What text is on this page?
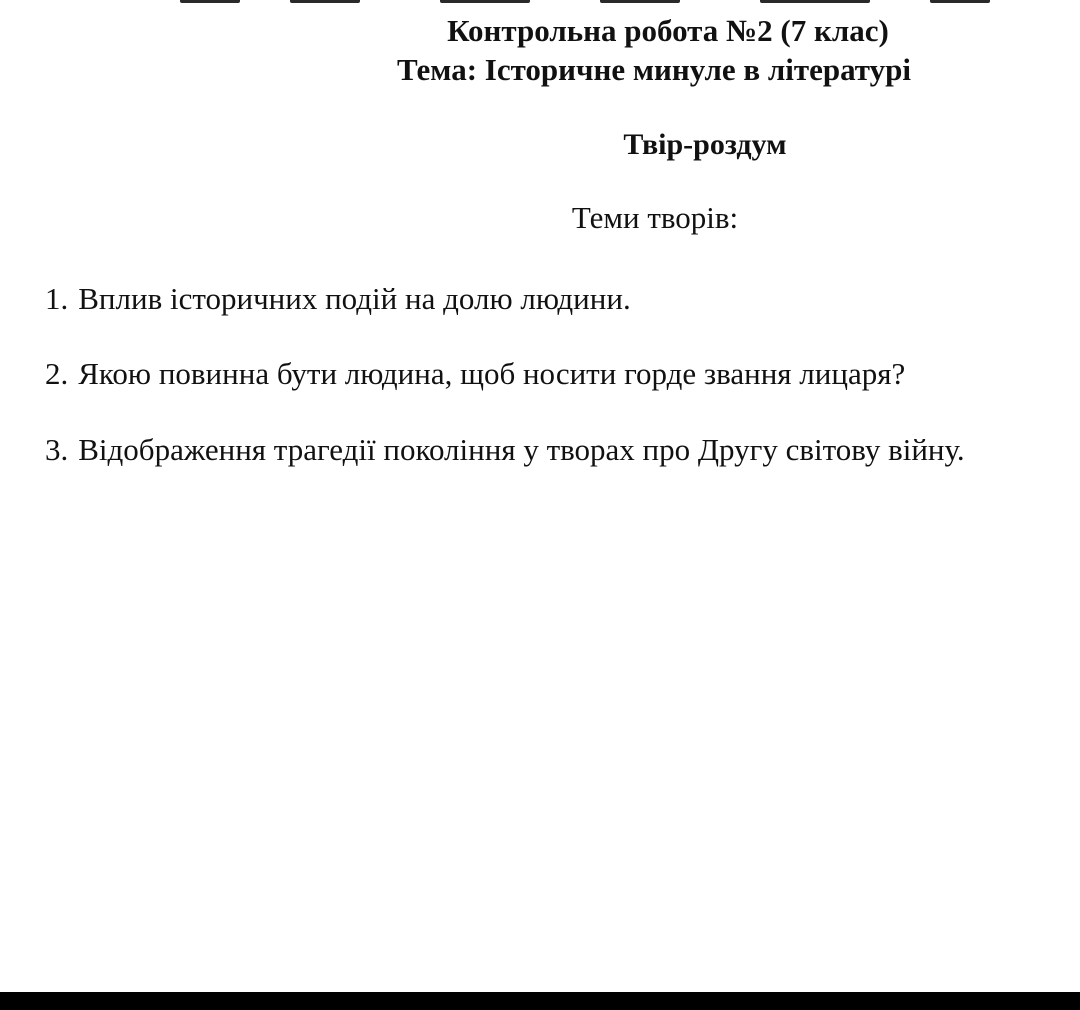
Контрольна робота №2 (7 клас)
Тема: Історичне минуле в літературі
Твір-роздум
Теми творів:
1. Вплив історичних подій на долю людини.
2. Якою повинна бути людина, щоб носити горде звання лицаря?
3. Відображення трагедії покоління у творах про Другу світову війну.
